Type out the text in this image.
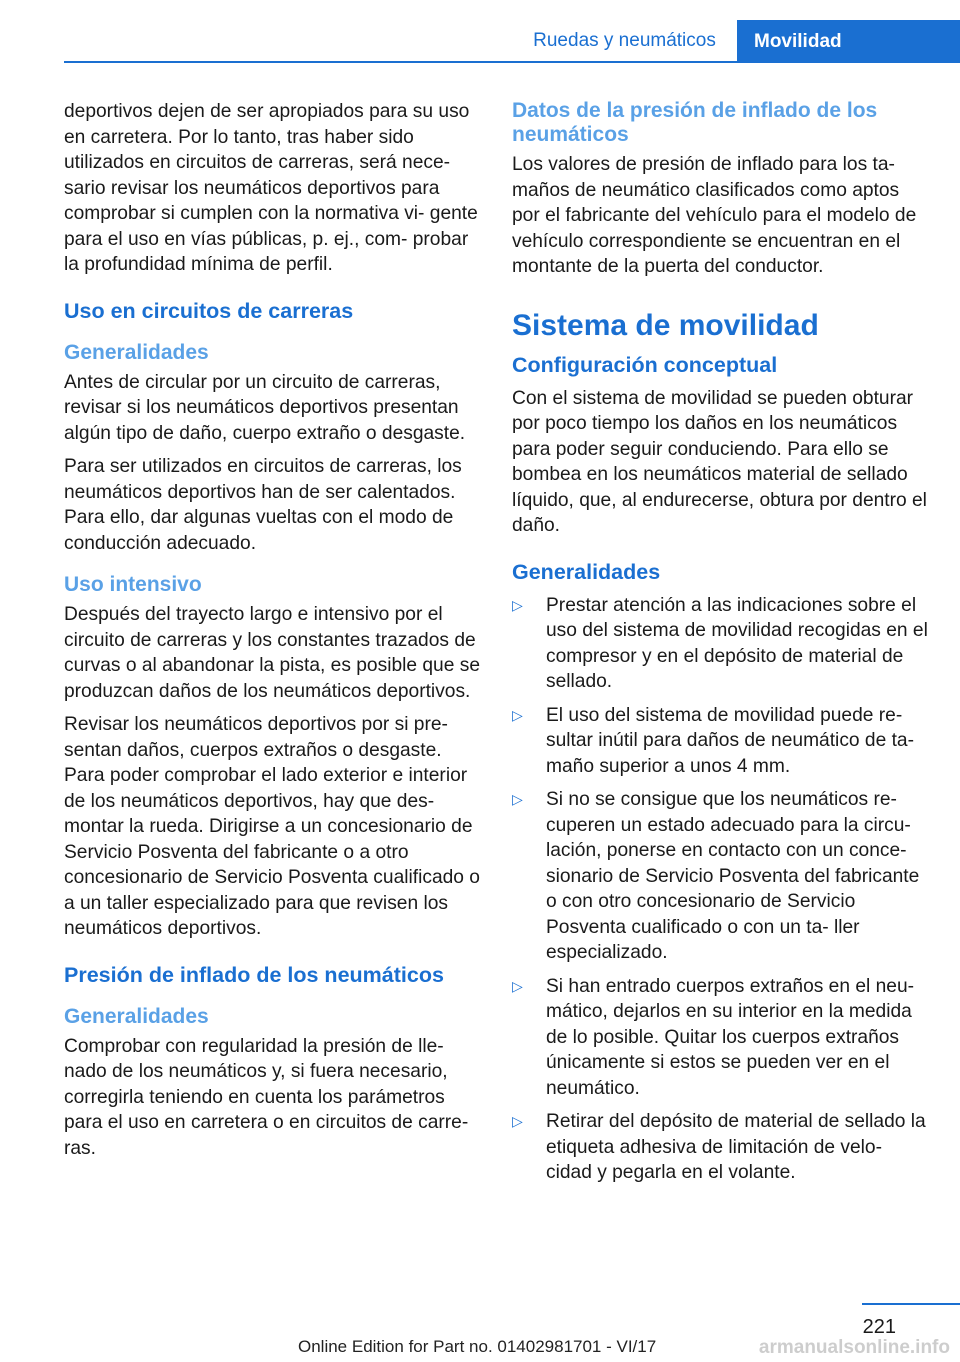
Ruedas y neumáticos	Movilidad

deportivos dejen de ser apropiados para su uso en carretera. Por lo tanto, tras haber sido utilizados en circuitos de carreras, será nece‐ sario revisar los neumáticos deportivos para comprobar si cumplen con la normativa vi‐ gente para el uso en vías públicas, p. ej., com‐ probar la profundidad mínima de perfil.

Uso en circuitos de carreras
Generalidades

Antes de circular por un circuito de carreras, revisar si los neumáticos deportivos presentan algún tipo de daño, cuerpo extraño o desgaste.

Para ser utilizados en circuitos de carreras, los neumáticos deportivos han de ser calentados. Para ello, dar algunas vueltas con el modo de conducción adecuado.

Uso intensivo

Después del trayecto largo e intensivo por el circuito de carreras y los constantes trazados de curvas o al abandonar la pista, es posible que se produzcan daños de los neumáticos deportivos.

Revisar los neumáticos deportivos por si pre‐ sentan daños, cuerpos extraños o desgaste. Para poder comprobar el lado exterior e interior de los neumáticos deportivos, hay que des‐ montar la rueda. Dirigirse a un concesionario de Servicio Posventa del fabricante o a otro concesionario de Servicio Posventa cualificado o a un taller especializado para que revisen los neumáticos deportivos.

Presión de inflado de los neumáticos
Generalidades

Comprobar con regularidad la presión de lle‐ nado de los neumáticos y, si fuera necesario, corregirla teniendo en cuenta los parámetros para el uso en carretera o en circuitos de carre‐ ras.

Datos de la presión de inflado de los neumáticos

Los valores de presión de inflado para los ta‐ maños de neumático clasificados como aptos por el fabricante del vehículo para el modelo de vehículo correspondiente se encuentran en el montante de la puerta del conductor.

Sistema de movilidad
Configuración conceptual

Con el sistema de movilidad se pueden obturar por poco tiempo los daños en los neumáticos para poder seguir conduciendo. Para ello se bombea en los neumáticos material de sellado líquido, que, al endurecerse, obtura por dentro el daño.

Generalidades
▷ Prestar atención a las indicaciones sobre el uso del sistema de movilidad recogidas en el compresor y en el depósito de material de sellado.
▷ El uso del sistema de movilidad puede re‐ sultar inútil para daños de neumático de ta‐ maño superior a unos 4 mm.
▷ Si no se consigue que los neumáticos re‐ cuperen un estado adecuado para la circu‐ lación, ponerse en contacto con un conce‐ sionario de Servicio Posventa del fabricante o con otro concesionario de Servicio Posventa cualificado o con un ta‐ ller especializado.
▷ Si han entrado cuerpos extraños en el neu‐ mático, dejarlos en su interior en la medida de lo posible. Quitar los cuerpos extraños únicamente si estos se pueden ver en el neumático.
▷ Retirar del depósito de material de sellado la etiqueta adhesiva de limitación de velo‐ cidad y pegarla en el volante.
221
Online Edition for Part no. 01402981701 - VI/17	armanualsonline.info
